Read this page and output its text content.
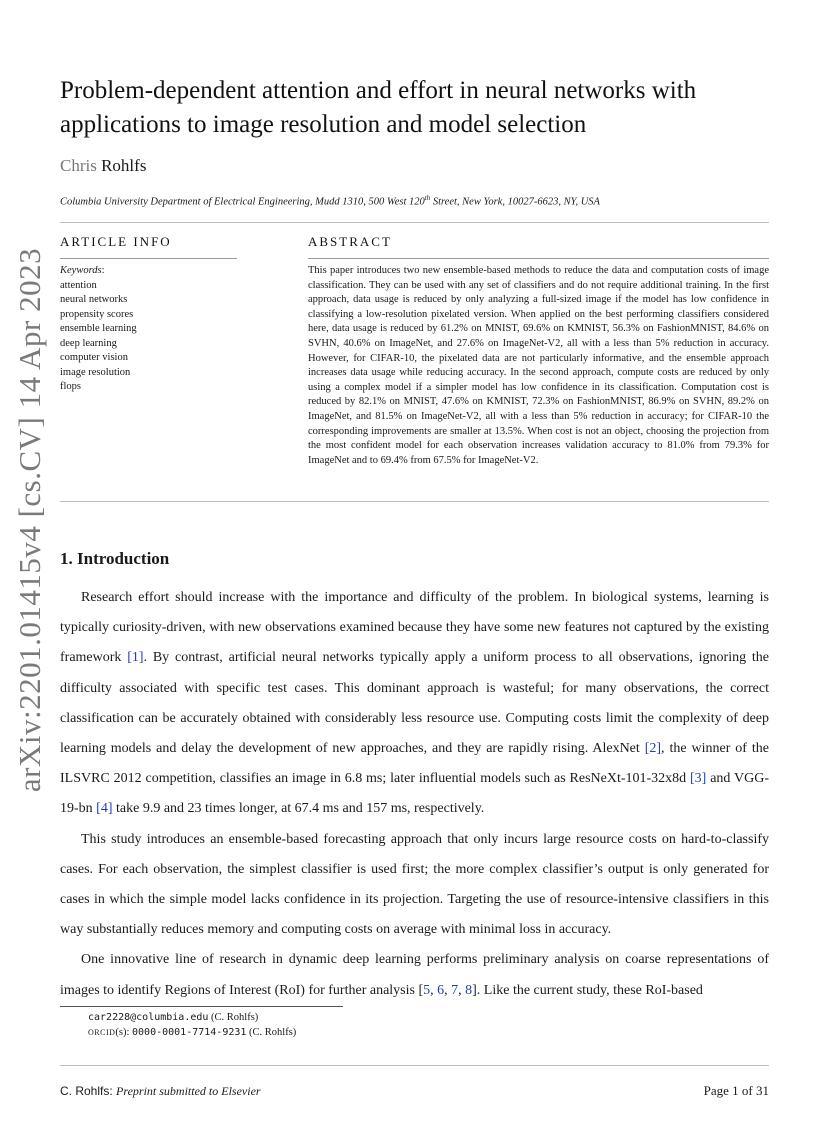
arXiv:2201.01415v4 [cs.CV] 14 Apr 2023
Problem-dependent attention and effort in neural networks with applications to image resolution and model selection
Chris Rohlfs
Columbia University Department of Electrical Engineering, Mudd 1310, 500 West 120th Street, New York, 10027-6623, NY, USA
ARTICLE INFO	ABSTRACT
Keywords:
attention
neural networks
propensity scores
ensemble learning
deep learning
computer vision
image resolution
flops

This paper introduces two new ensemble-based methods to reduce the data and computation costs of image classification. They can be used with any set of classifiers and do not require additional training. In the first approach, data usage is reduced by only analyzing a full-sized image if the model has low confidence in classifying a low-resolution pixelated version. When applied on the best performing classifiers considered here, data usage is reduced by 61.2% on MNIST, 69.6% on KMNIST, 56.3% on FashionMNIST, 84.6% on SVHN, 40.6% on ImageNet, and 27.6% on ImageNet-V2, all with a less than 5% reduction in accuracy. However, for CIFAR-10, the pixelated data are not particularly informative, and the ensemble approach increases data usage while reducing accuracy. In the second approach, compute costs are reduced by only using a complex model if a simpler model has low confidence in its classification. Computation cost is reduced by 82.1% on MNIST, 47.6% on KMNIST, 72.3% on FashionMNIST, 86.9% on SVHN, 89.2% on ImageNet, and 81.5% on ImageNet-V2, all with a less than 5% reduction in accuracy; for CIFAR-10 the corresponding improvements are smaller at 13.5%. When cost is not an object, choosing the projection from the most confident model for each observation increases validation accuracy to 81.0% from 79.3% for ImageNet and to 69.4% from 67.5% for ImageNet-V2.

1. Introduction

Research effort should increase with the importance and difficulty of the problem. In biological systems, learning is typically curiosity-driven, with new observations examined because they have some new features not captured by the existing framework [1]. By contrast, artificial neural networks typically apply a uniform process to all observations, ignoring the difficulty associated with specific test cases. This dominant approach is wasteful; for many observations, the correct classification can be accurately obtained with considerably less resource use. Computing costs limit the complexity of deep learning models and delay the development of new approaches, and they are rapidly rising. AlexNet [2], the winner of the ILSVRC 2012 competition, classifies an image in 6.8 ms; later influential models such as ResNeXt-101-32x8d [3] and VGG-19-bn [4] take 9.9 and 23 times longer, at 67.4 ms and 157 ms, respectively.

This study introduces an ensemble-based forecasting approach that only incurs large resource costs on hard-to-classify cases. For each observation, the simplest classifier is used first; the more complex classifier’s output is only generated for cases in which the simple model lacks confidence in its projection. Targeting the use of resource-intensive classifiers in this way substantially reduces memory and computing costs on average with minimal loss in accuracy.

One innovative line of research in dynamic deep learning performs preliminary analysis on coarse representations of images to identify Regions of Interest (RoI) for further analysis [5, 6, 7, 8]. Like the current study, these RoI-based

car2228@columbia.edu (C. Rohlfs)
ORCID(s): 0000-0001-7714-9231 (C. Rohlfs)
C. Rohlfs: Preprint submitted to Elsevier	Page 1 of 31
